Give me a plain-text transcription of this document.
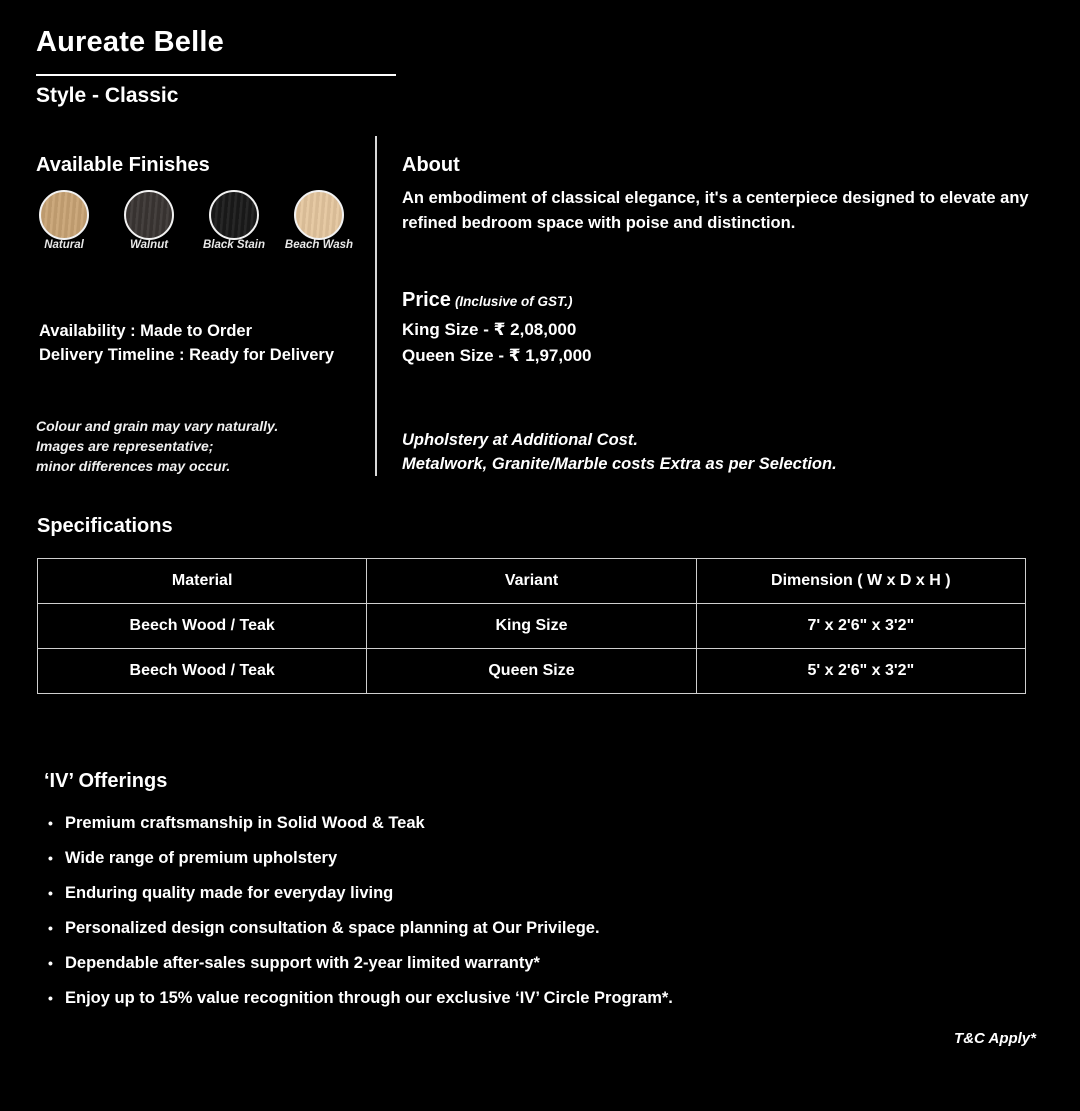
Aureate Belle
Style - Classic
Available Finishes
Natural	Walnut	Black Stain	Beach Wash
Availability : Made to Order
Delivery Timeline : Ready for Delivery
Colour and grain may vary naturally.
Images are representative;
minor differences may occur.
About
An embodiment of classical elegance, it's a centerpiece designed to elevate any refined bedroom space with poise and distinction.
Price (Inclusive of GST.)
King Size - ₹ 2,08,000
Queen Size - ₹ 1,97,000
Upholstery at Additional Cost.
Metalwork, Granite/Marble costs Extra as per Selection.
Specifications
Material	Variant	Dimension ( W x D x H )
Beech Wood / Teak	King Size	7' x 2'6" x 3'2"
Beech Wood / Teak	Queen Size	5' x 2'6" x 3'2"
‘IV’ Offerings
• Premium craftsmanship in Solid Wood & Teak
• Wide range of premium upholstery
• Enduring quality made for everyday living
• Personalized design consultation & space planning at Our Privilege.
• Dependable after-sales support with 2-year limited warranty*
• Enjoy up to 15% value recognition through our exclusive ‘IV’ Circle Program*.
T&C Apply*
